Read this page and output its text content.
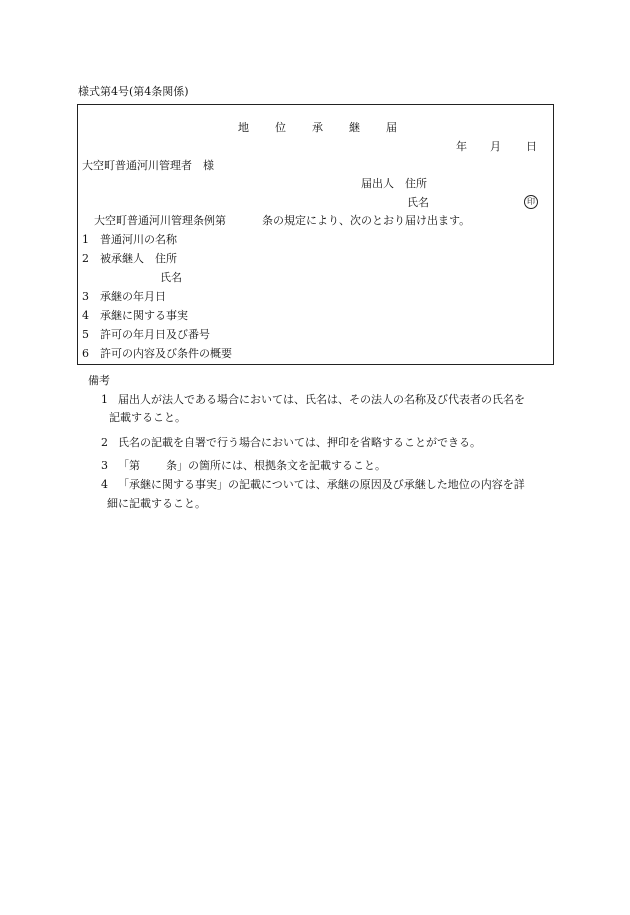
様式第4号(第4条関係)
地位承継届
年 月 日
大空町普通河川管理者　様
届出人　住所
氏名	印
大空町普通河川管理条例第	条の規定により、次のとおり届け出ます。
1 普通河川の名称
2 被承継人　住所
氏名
3 承継の年月日
4 承継に関する事実
5 許可の年月日及び番号
6 許可の内容及び条件の概要
備考
1 届出人が法人である場合においては、氏名は、その法人の名称及び代表者の氏名を
記載すること。
2 氏名の記載を自署で行う場合においては、押印を省略することができる。
3 「第 条」の箇所には、根拠条文を記載すること。
4 「承継に関する事実」の記載については、承継の原因及び承継した地位の内容を詳
細に記載すること。
